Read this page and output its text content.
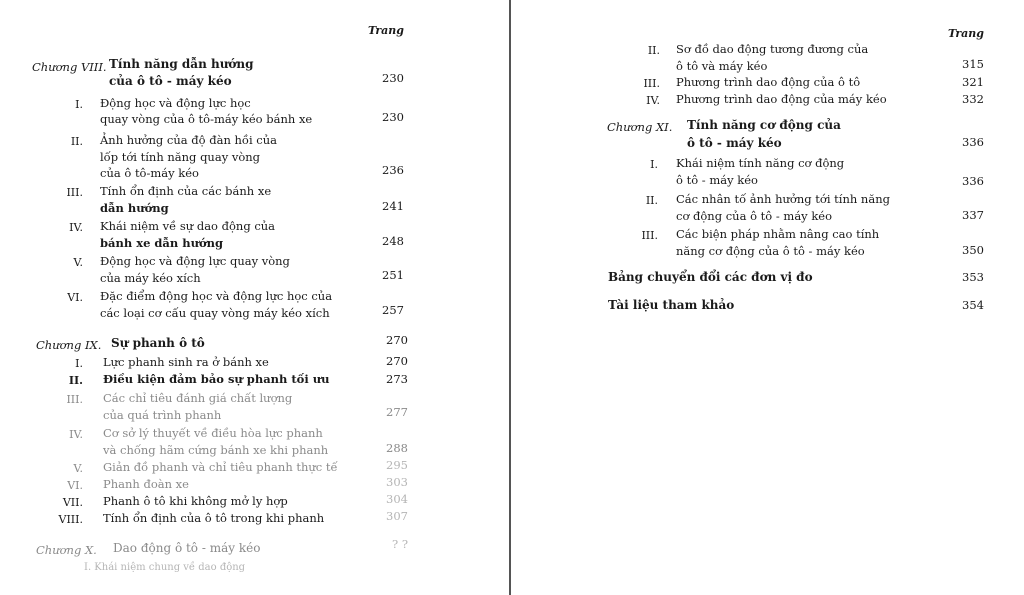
Trang
Chương VIII. Tính năng dẫn hướng
của ô tô - máy kéo	230
I. Động học và động lực học
quay vòng của ô tô-máy kéo bánh xe	230
II. Ảnh hưởng của độ đàn hồi của
lốp tới tính năng quay vòng
của ô tô-máy kéo	236
III. Tính ổn định của các bánh xe
dẫn hướng	241
IV. Khái niệm về sự dao động của
bánh xe dẫn hướng	248
V. Động học và động lực quay vòng
của máy kéo xích	251
VI. Đặc điểm động học và động lực học của
các loại cơ cấu quay vòng máy kéo xích	257
Chương IX. Sự phanh ô tô	270
I. Lực phanh sinh ra ở bánh xe	270
II. Điều kiện đảm bảo sự phanh tối ưu	273
III. Các chỉ tiêu đánh giá chất lượng
của quá trình phanh	277
IV. Cơ sở lý thuyết về điều hòa lực phanh
và chống hãm cứng bánh xe khi phanh	288
V. Giản đồ phanh và chỉ tiêu phanh thực tế	295
VI. Phanh đoàn xe	303
VII. Phanh ô tô khi không mở ly hợp	304
VIII. Tính ổn định của ô tô trong khi phanh	307
Chương X. Dao động ô tô - máy kéo	? ?
I. Khái niệm chung về dao động
Trang
II. Sơ đồ dao động tương đương của
ô tô và máy kéo	315
III. Phương trình dao động của ô tô	321
IV. Phương trình dao động của máy kéo	332
Chương XI. Tính năng cơ động của
ô tô - máy kéo	336
I. Khái niệm tính năng cơ động
ô tô - máy kéo	336
II. Các nhân tố ảnh hưởng tới tính năng
cơ động của ô tô - máy kéo	337
III. Các biện pháp nhằm nâng cao tính
năng cơ động của ô tô - máy kéo	350
Bảng chuyển đổi các đơn vị đo	353
Tài liệu tham khảo	354
